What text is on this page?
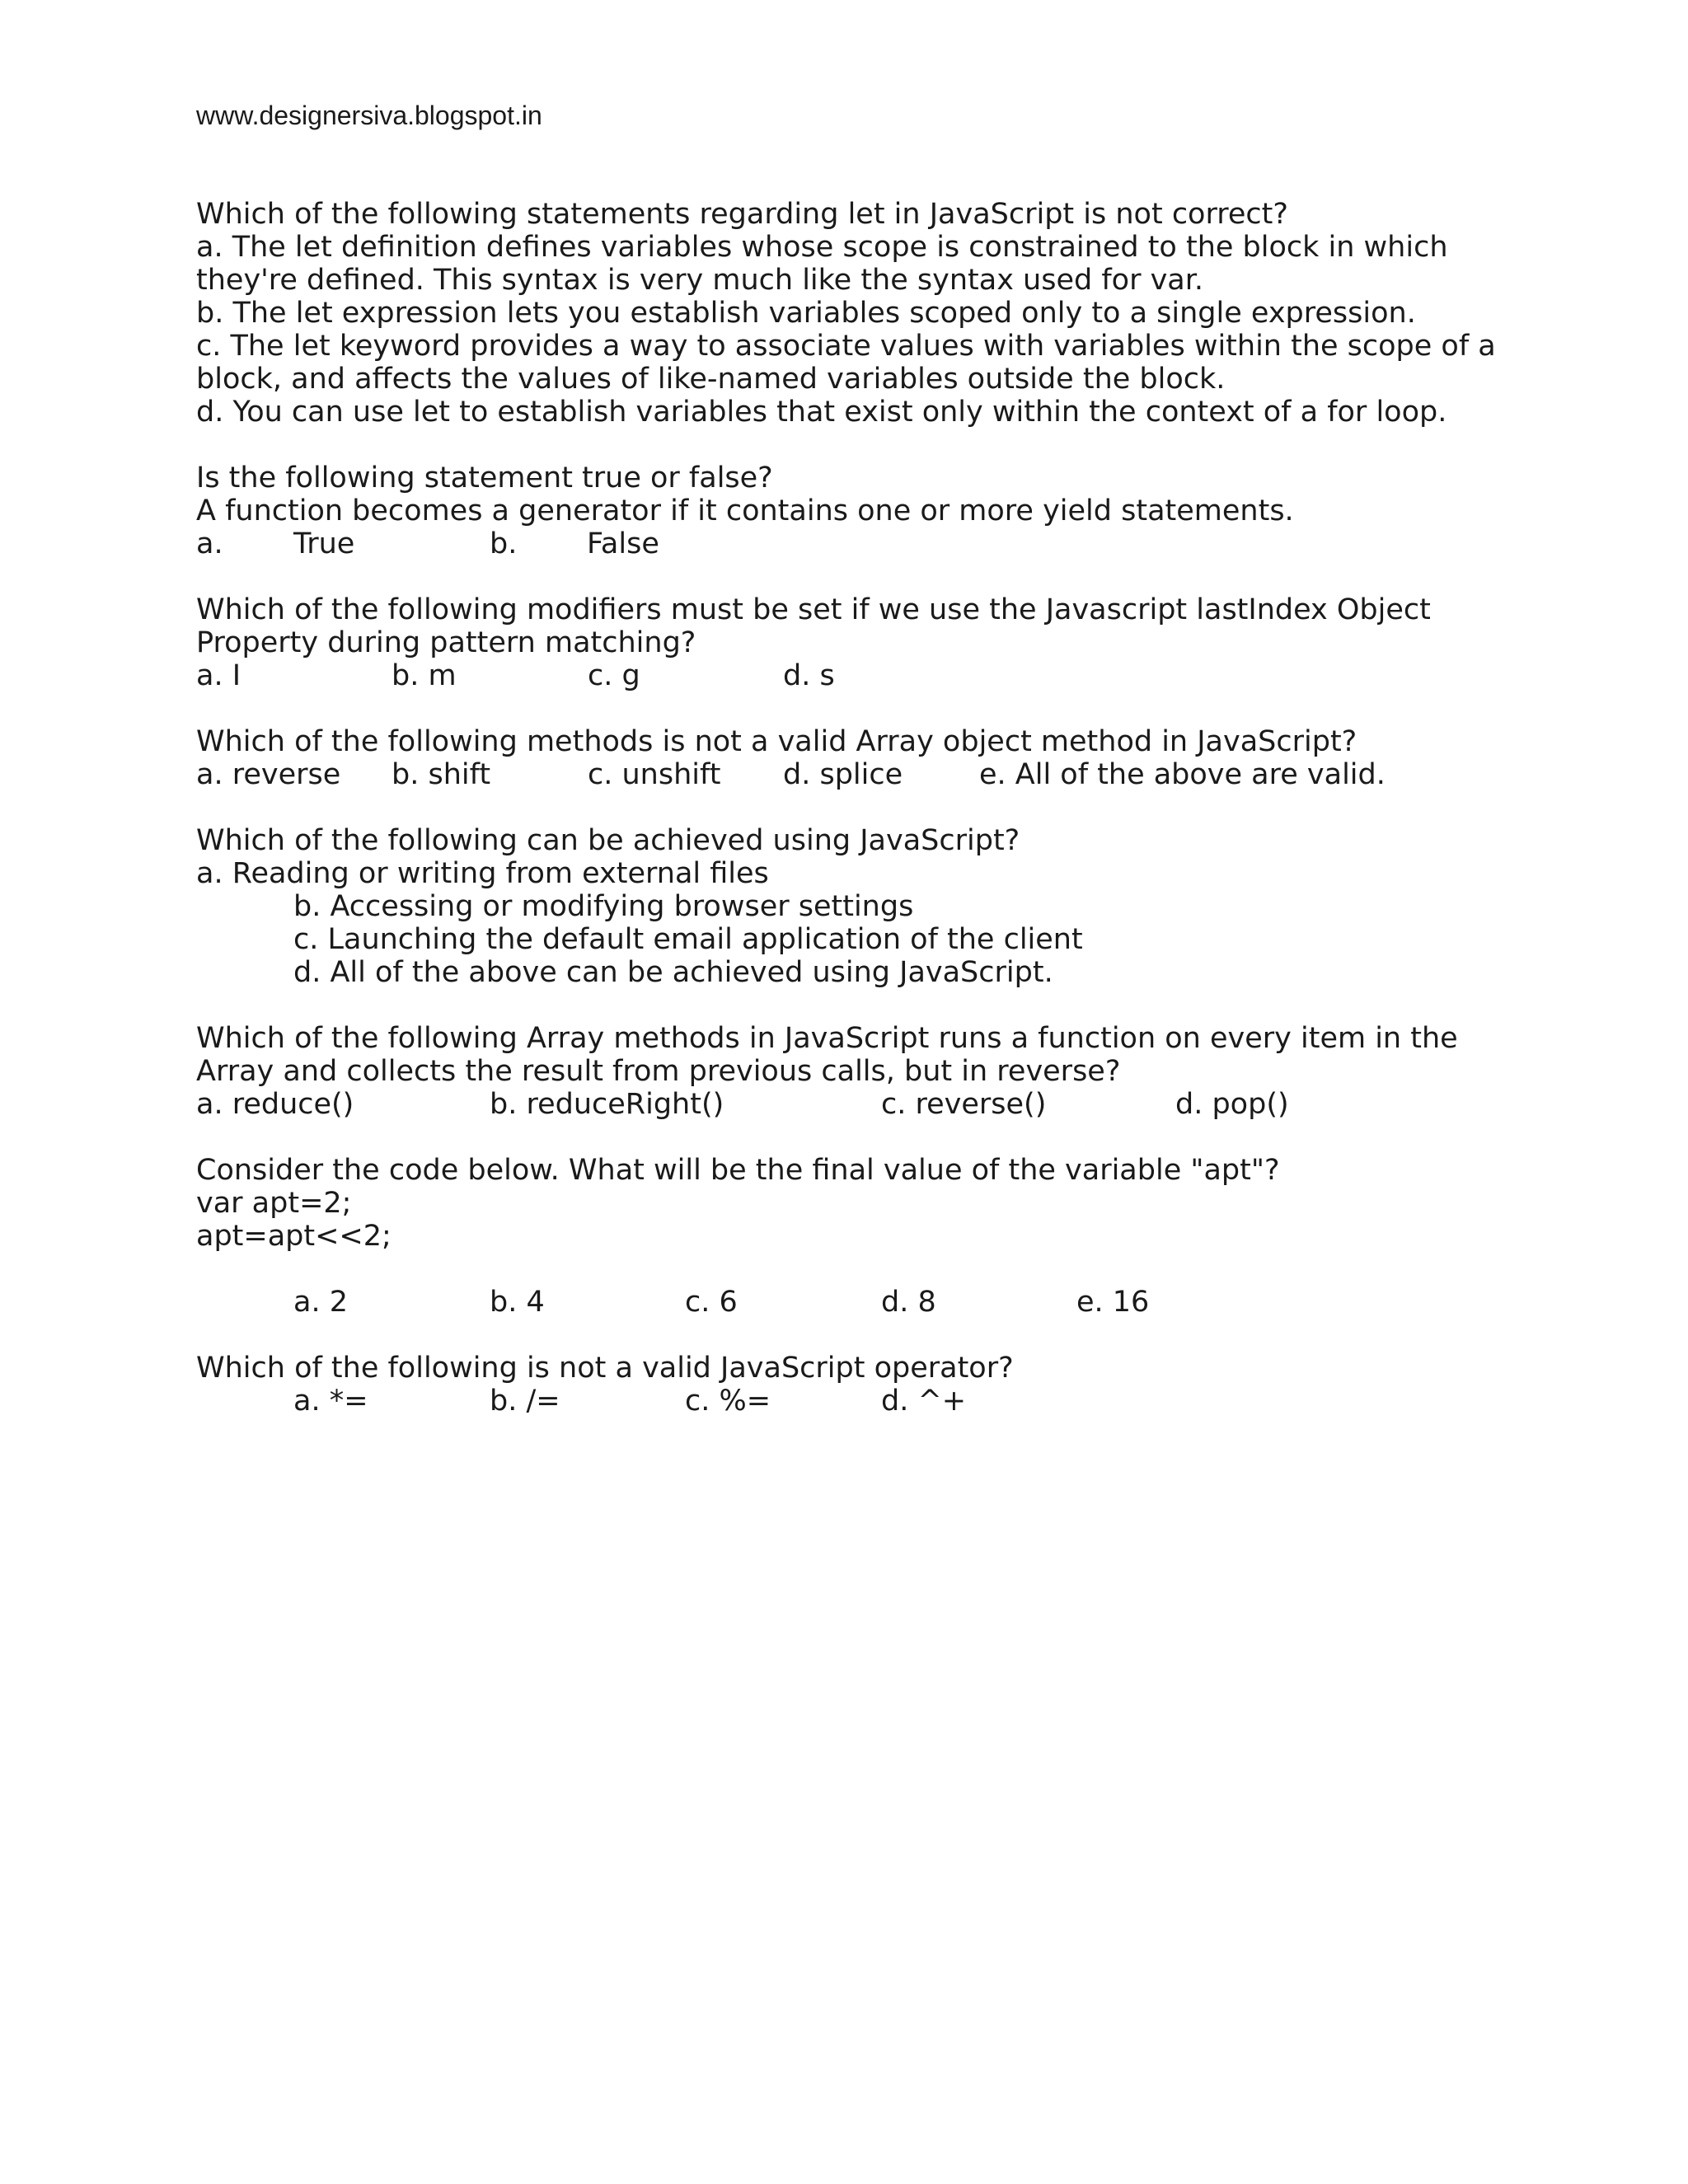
www.designersiva.blogspot.in
Which of the following statements regarding let in JavaScript is not correct?
a. The let definition defines variables whose scope is constrained to the block in which
they're defined. This syntax is very much like the syntax used for var.
b. The let expression lets you establish variables scoped only to a single expression.
c. The let keyword provides a way to associate values with variables within the scope of a
block, and affects the values of like-named variables outside the block.
d. You can use let to establish variables that exist only within the context of a for loop.
Is the following statement true or false?
A function becomes a generator if it contains one or more yield statements.
a. True	b. False
Which of the following modifiers must be set if we use the Javascript lastIndex Object
Property during pattern matching?
a. I	b. m	c. g	d. s
Which of the following methods is not a valid Array object method in JavaScript?
a. reverse b. shift	c. unshift d. splice	e. All of the above are valid.
Which of the following can be achieved using JavaScript?
a. Reading or writing from external files
b. Accessing or modifying browser settings
c. Launching the default email application of the client
d. All of the above can be achieved using JavaScript.
Which of the following Array methods in JavaScript runs a function on every item in the
Array and collects the result from previous calls, but in reverse?
a. reduce()	b. reduceRight()	c. reverse()	d. pop()
Consider the code below. What will be the final value of the variable "apt"?
var apt=2;
apt=apt<<2;
a. 2	b. 4	c. 6	d. 8	e. 16
Which of the following is not a valid JavaScript operator?
a. *=	b. /=	c. %=	d. ^+
